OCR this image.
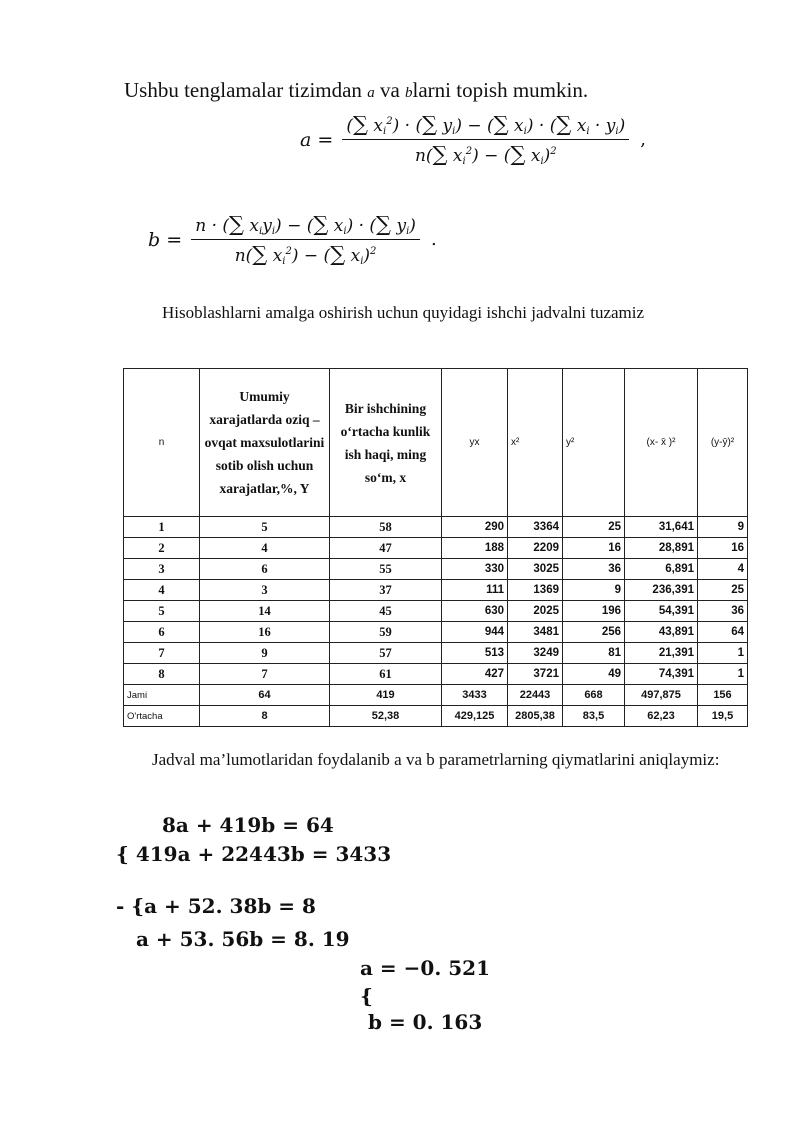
Ushbu tenglamalar tizimdan a va blarni topish mumkin.
$a = \frac{(\sum x_i^2) \cdot (\sum y_i) - (\sum x_i) \cdot (\sum x_i \cdot y_i)}{n(\sum x_i^2) - (\sum x_i)^2}$ ,
$b = \frac{n \cdot (\sum x_iy_i) - (\sum x_i) \cdot (\sum y_i)}{n(\sum x_i^2) - (\sum x_i)^2}$ .
Hisoblashlarni amalga oshirish uchun quyidagi ishchi jadvalni tuzamiz
n	Umumiy xarajatlarda oziq –ovqat maxsulotlarini sotib olish uchun xarajatlar,%, Y	Bir ishchining o‘rtacha kunlik ish haqi, ming so‘m, x	yx	x²	y²	(x- x̄ )²	(y-ȳ)²
1	5	58	290	3364	25	31,641	9
2	4	47	188	2209	16	28,891	16
3	6	55	330	3025	36	6,891	4
4	3	37	111	1369	9	236,391	25
5	14	45	630	2025	196	54,391	36
6	16	59	944	3481	256	43,891	64
7	9	57	513	3249	81	21,391	1
8	7	61	427	3721	49	74,391	1
Jami	64	419	3433	22443	668	497,875	156
O'rtacha	8	52,38	429,125	2805,38	83,5	62,23	19,5
Jadval ma’lumotlaridan foydalanib a va b parametrlarning qiymatlarini aniqlaymiz:
8a + 419b = 64
{ 419a + 22443b = 3433
- {a + 52. 38b = 8
a + 53. 56b = 8. 19
a = −0. 521
{
b = 0. 163
